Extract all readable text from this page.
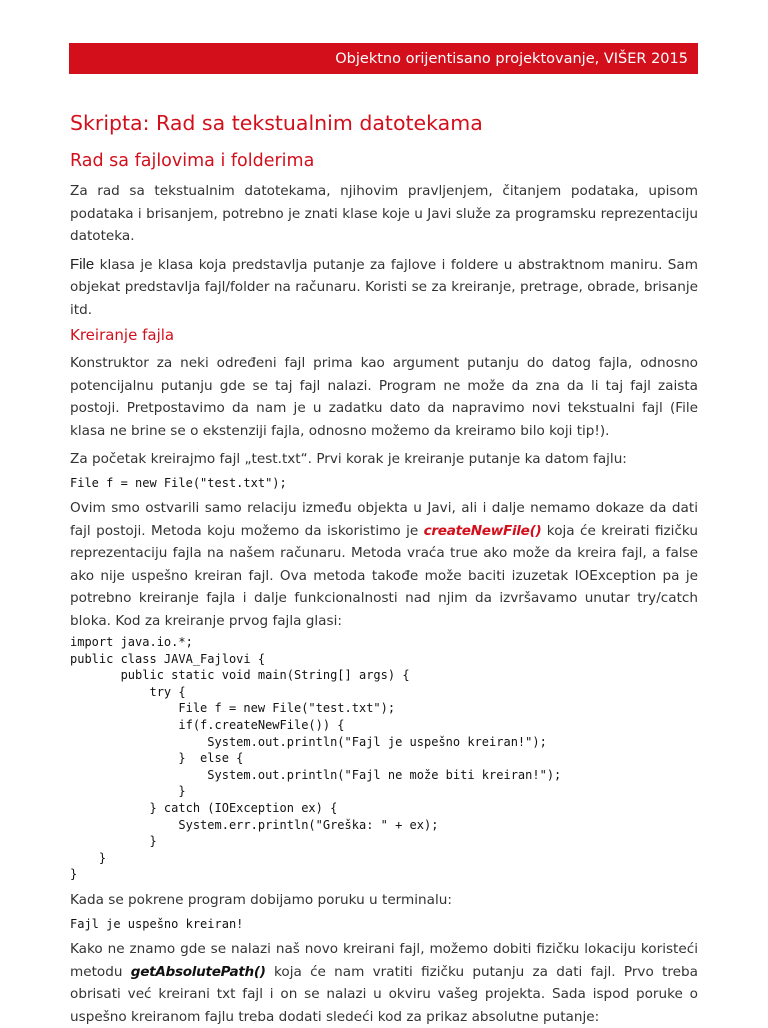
Objektno orijentisano projektovanje, VIŠER 2015
Skripta: Rad sa tekstualnim datotekama
Rad sa fajlovima i folderima

Za rad sa tekstualnim datotekama, njihovim pravljenjem, čitanjem podataka, upisom podataka i brisanjem, potrebno je znati klase koje u Javi služe za programsku reprezentaciju datoteka.

File klasa je klasa koja predstavlja putanje za fajlove i foldere u abstraktnom maniru. Sam objekat predstavlja fajl/folder na računaru. Koristi se za kreiranje, pretrage, obrade, brisanje itd.

Kreiranje fajla

Konstruktor za neki određeni fajl prima kao argument putanju do datog fajla, odnosno potencijalnu putanju gde se taj fajl nalazi. Program ne može da zna da li taj fajl zaista postoji. Pretpostavimo da nam je u zadatku dato da napravimo novi tekstualni fajl (File klasa ne brine se o ekstenziji fajla, odnosno možemo da kreiramo bilo koji tip!).

Za početak kreirajmo fajl „test.txt“. Prvi korak je kreiranje putanje ka datom fajlu:

File f = new File("test.txt");

Ovim smo ostvarili samo relaciju između objekta u Javi, ali i dalje nemamo dokaze da dati fajl postoji. Metoda koju možemo da iskoristimo je createNewFile() koja će kreirati fizičku reprezentaciju fajla na našem računaru. Metoda vraća true ako može da kreira fajl, a false ako nije uspešno kreiran fajl. Ova metoda takođe može baciti izuzetak IOException pa je potrebno kreiranje fajla i dalje funkcionalnosti nad njim da izvršavamo unutar try/catch bloka. Kod za kreiranje prvog fajla glasi:

import java.io.*;
public class JAVA_Fajlovi {
public static void main(String[] args) {
try {
File f = new File("test.txt");
if(f.createNewFile()) {
System.out.println("Fajl je uspešno kreiran!");
}  else {
System.out.println("Fajl ne može biti kreiran!");
}
} catch (IOException ex) {
System.err.println("Greška: " + ex);
}
}
}

Kada se pokrene program dobijamo poruku u terminalu:

Fajl je uspešno kreiran!

Kako ne znamo gde se nalazi naš novo kreirani fajl, možemo dobiti fizičku lokaciju koristeći metodu getAbsolutePath() koja će nam vratiti fizičku putanju za dati fajl. Prvo treba obrisati već kreirani txt fajl i on se nalazi u okviru vašeg projekta. Sada ispod poruke o uspešno kreiranom fajlu treba dodati sledeći kod za prikaz absolutne putanje:
